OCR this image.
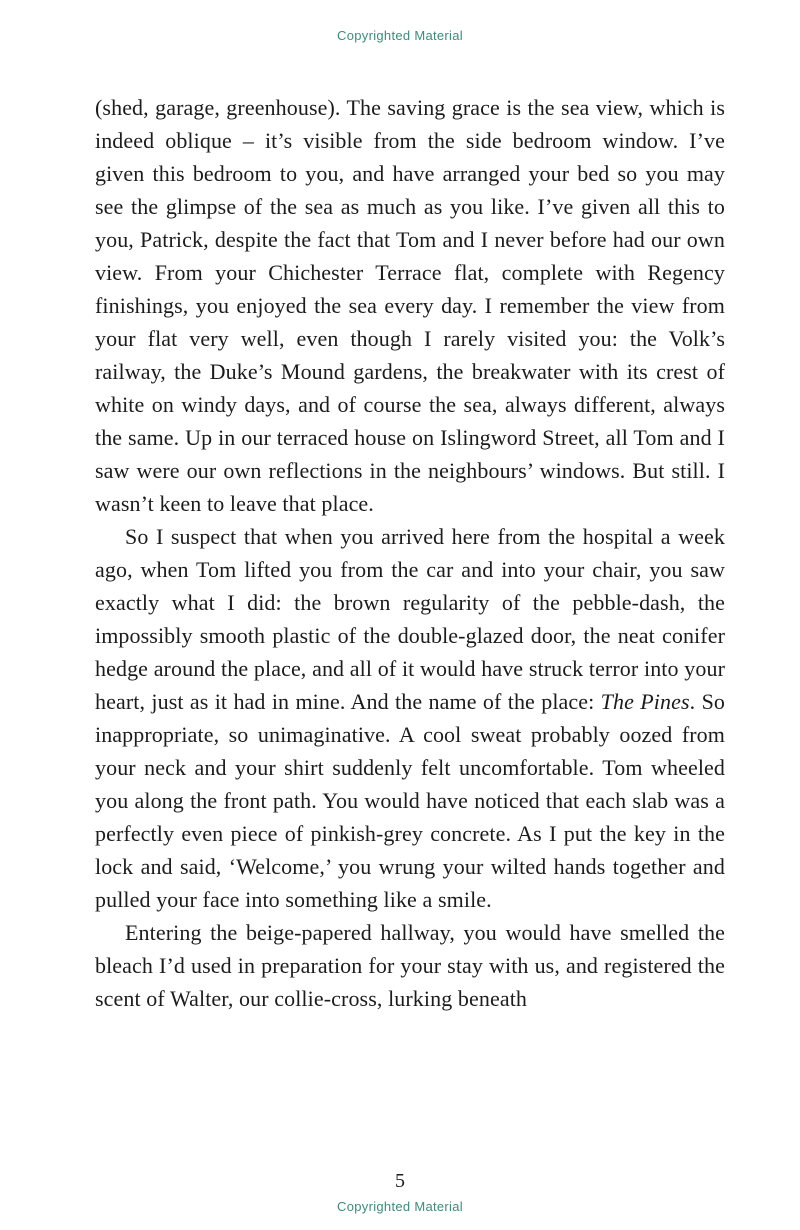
Copyrighted Material

(shed, garage, greenhouse). The saving grace is the sea view, which is indeed oblique – it’s visible from the side bedroom window. I’ve given this bedroom to you, and have arranged your bed so you may see the glimpse of the sea as much as you like. I’ve given all this to you, Patrick, despite the fact that Tom and I never before had our own view. From your Chichester Terrace flat, complete with Regency finishings, you enjoyed the sea every day. I remember the view from your flat very well, even though I rarely visited you: the Volk’s railway, the Duke’s Mound gardens, the breakwater with its crest of white on windy days, and of course the sea, always different, always the same. Up in our terraced house on Islingword Street, all Tom and I saw were our own reflections in the neighbours’ windows. But still. I wasn’t keen to leave that place.

So I suspect that when you arrived here from the hospital a week ago, when Tom lifted you from the car and into your chair, you saw exactly what I did: the brown regularity of the pebble-dash, the impossibly smooth plastic of the double-glazed door, the neat conifer hedge around the place, and all of it would have struck terror into your heart, just as it had in mine. And the name of the place: The Pines. So inappropriate, so unimaginative. A cool sweat probably oozed from your neck and your shirt suddenly felt uncomfortable. Tom wheeled you along the front path. You would have noticed that each slab was a perfectly even piece of pinkish-grey concrete. As I put the key in the lock and said, ‘Welcome,’ you wrung your wilted hands together and pulled your face into something like a smile.

Entering the beige-papered hallway, you would have smelled the bleach I’d used in preparation for your stay with us, and registered the scent of Walter, our collie-cross, lurking beneath

5
Copyrighted Material
